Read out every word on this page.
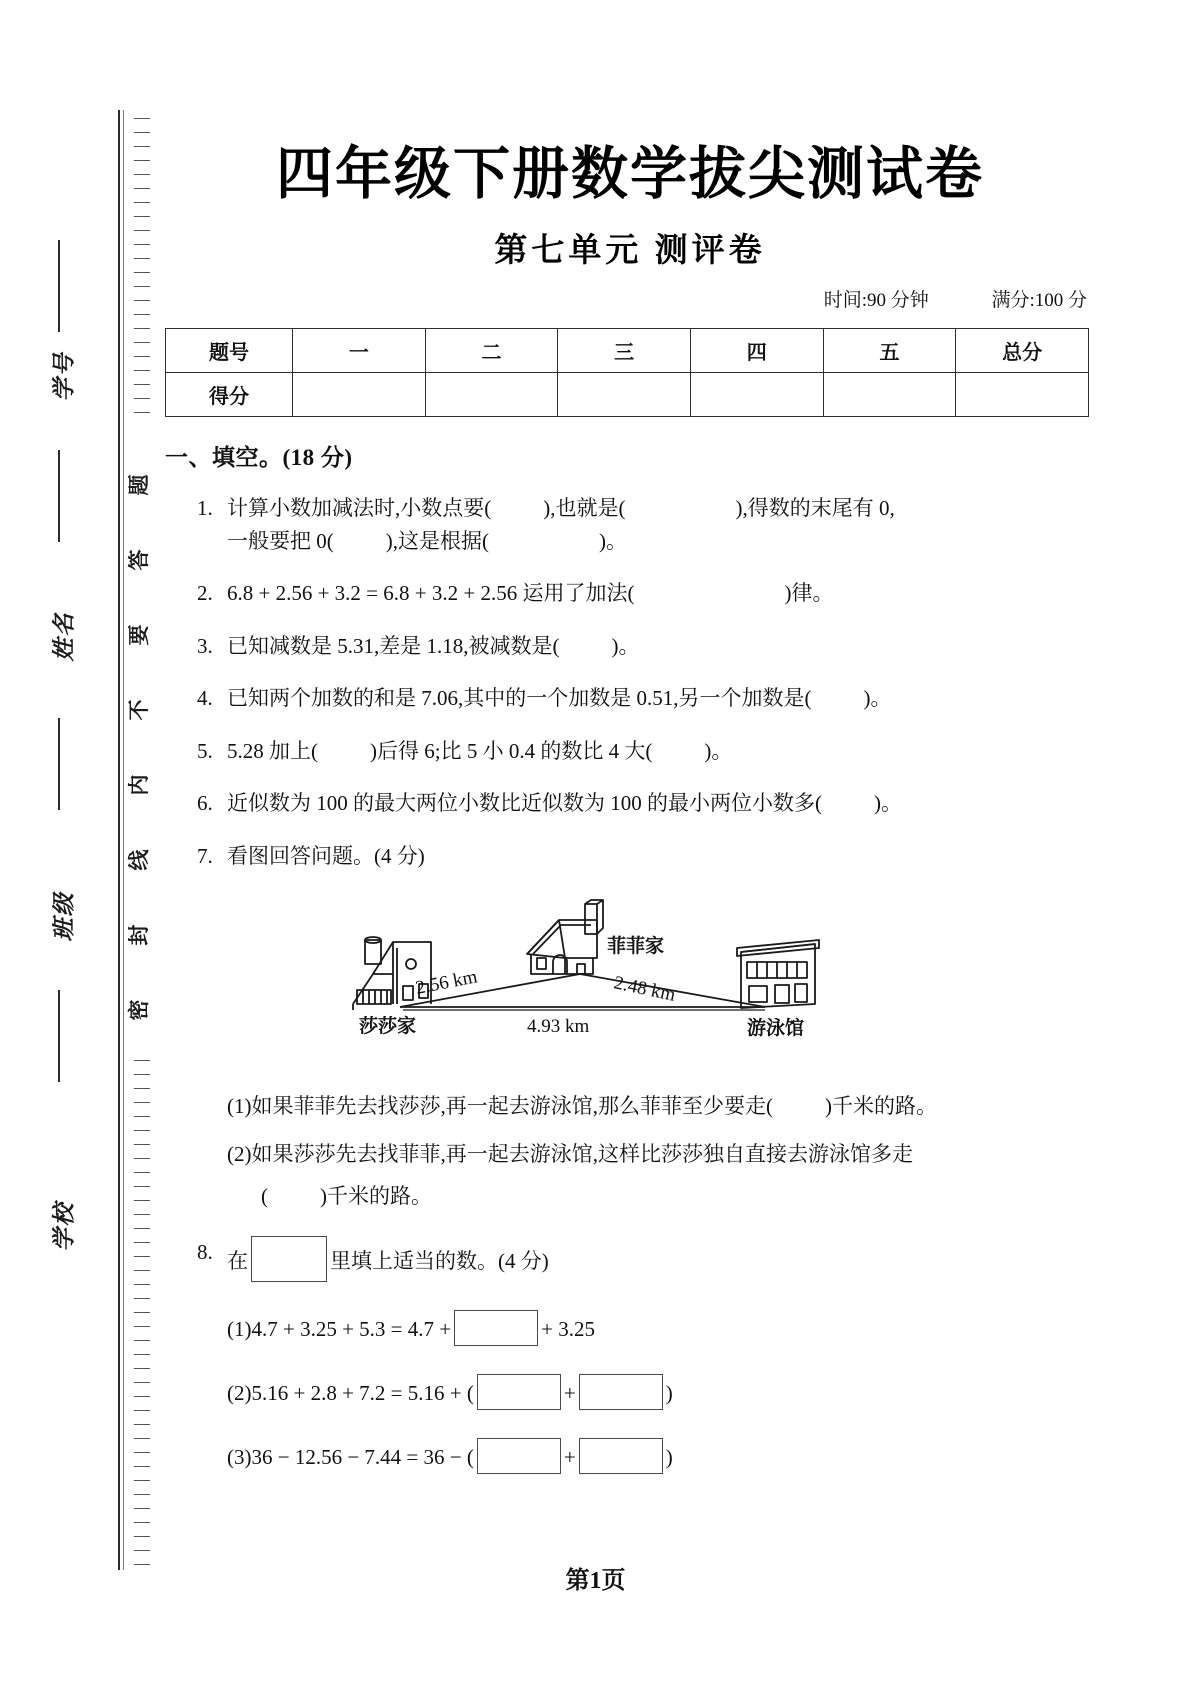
题
答
要
不
内
线
封
密
学号
姓名
班级
学校
四年级下册数学拔尖测试卷
第七单元 测评卷
时间:90 分钟	满分:100 分
题号	一	二	三	四	五	总分
得分						
一、填空。(18 分)
1. 计算小数加减法时,小数点要( ),也就是(	),得数的末尾有 0,
一般要把 0( ),这是根据(	)。
2. 6.8 + 2.56 + 3.2 = 6.8 + 3.2 + 2.56 运用了加法(	)律。
3. 已知减数是 5.31,差是 1.18,被减数是( )。
4. 已知两个加数的和是 7.06,其中的一个加数是 0.51,另一个加数是( )。
5. 5.28 加上( )后得 6;比 5 小 0.4 的数比 4 大( )。
6. 近似数为 100 的最大两位小数比近似数为 100 的最小两位小数多( )。
7. 看图回答问题。(4 分)
菲菲家
莎莎家	游泳馆
2.56 km	2.48 km
4.93 km
(1)如果菲菲先去找莎莎,再一起去游泳馆,那么菲菲至少要走( )千米的路。
(2)如果莎莎先去找菲菲,再一起去游泳馆,这样比莎莎独自直接去游泳馆多走
( )千米的路。
8. 在	里填上适当的数。(4 分)
(1)4.7 + 3.25 + 5.3 = 4.7 +	+ 3.25
(2)5.16 + 2.8 + 7.2 = 5.16 + (	+	)
(3)36 − 12.56 − 7.44 = 36 − (	+	)
第1页
